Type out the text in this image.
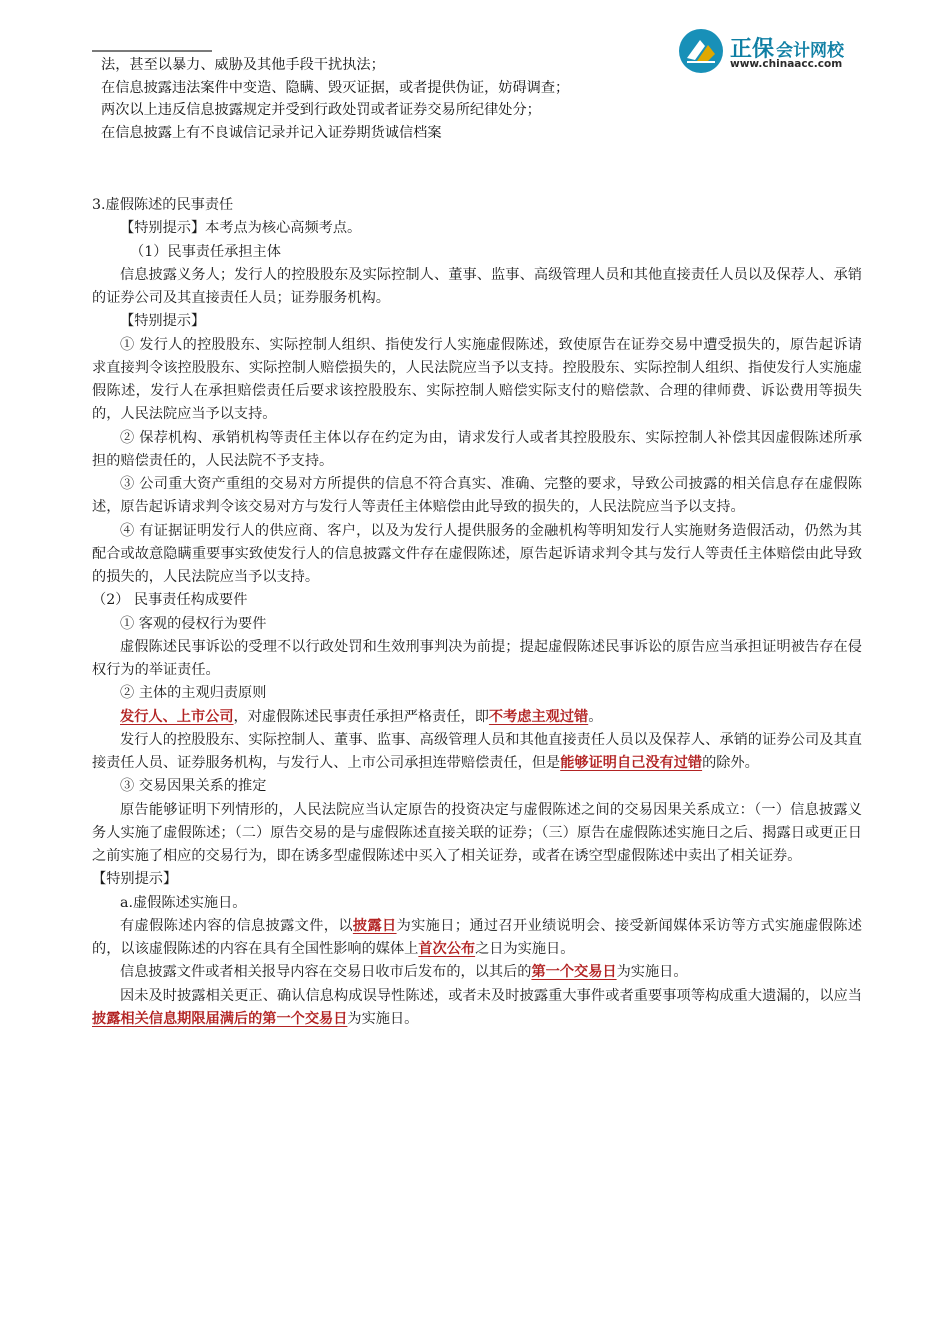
正保 会计网校
www.chinaacc.com
法，甚至以暴力、威胁及其他手段干扰执法；
在信息披露违法案件中变造、隐瞒、毁灭证据，或者提供伪证，妨碍调查；
两次以上违反信息披露规定并受到行政处罚或者证券交易所纪律处分；
在信息披露上有不良诚信记录并记入证券期货诚信档案

3.虚假陈述的民事责任

【特别提示】本考点为核心高频考点。

（1）民事责任承担主体

信息披露义务人；发行人的控股股东及实际控制人、董事、监事、高级管理人员和其他直接责任人员以及保荐人、承销的证券公司及其直接责任人员；证券服务机构。

【特别提示】

① 发行人的控股股东、实际控制人组织、指使发行人实施虚假陈述，致使原告在证券交易中遭受损失的，原告起诉请求直接判令该控股股东、实际控制人赔偿损失的，人民法院应当予以支持。控股股东、实际控制人组织、指使发行人实施虚假陈述，发行人在承担赔偿责任后要求该控股股东、实际控制人赔偿实际支付的赔偿款、合理的律师费、诉讼费用等损失的，人民法院应当予以支持。

② 保荐机构、承销机构等责任主体以存在约定为由，请求发行人或者其控股股东、实际控制人补偿其因虚假陈述所承担的赔偿责任的，人民法院不予支持。

③ 公司重大资产重组的交易对方所提供的信息不符合真实、准确、完整的要求，导致公司披露的相关信息存在虚假陈述，原告起诉请求判令该交易对方与发行人等责任主体赔偿由此导致的损失的，人民法院应当予以支持。

④ 有证据证明发行人的供应商、客户，以及为发行人提供服务的金融机构等明知发行人实施财务造假活动，仍然为其配合或故意隐瞒重要事实致使发行人的信息披露文件存在虚假陈述，原告起诉请求判令其与发行人等责任主体赔偿由此导致的损失的，人民法院应当予以支持。

（2） 民事责任构成要件

① 客观的侵权行为要件

虚假陈述民事诉讼的受理不以行政处罚和生效刑事判决为前提；提起虚假陈述民事诉讼的原告应当承担证明被告存在侵权行为的举证责任。

② 主体的主观归责原则

发行人、上市公司，对虚假陈述民事责任承担严格责任，即不考虑主观过错。

发行人的控股股东、实际控制人、董事、监事、高级管理人员和其他直接责任人员以及保荐人、承销的证券公司及其直接责任人员、证券服务机构，与发行人、上市公司承担连带赔偿责任，但是能够证明自己没有过错的除外。

③ 交易因果关系的推定

原告能够证明下列情形的，人民法院应当认定原告的投资决定与虚假陈述之间的交易因果关系成立：（一）信息披露义务人实施了虚假陈述；（二）原告交易的是与虚假陈述直接关联的证券；（三）原告在虚假陈述实施日之后、揭露日或更正日之前实施了相应的交易行为，即在诱多型虚假陈述中买入了相关证券，或者在诱空型虚假陈述中卖出了相关证券。

【特别提示】

a.虚假陈述实施日。

有虚假陈述内容的信息披露文件，以披露日为实施日；通过召开业绩说明会、接受新闻媒体采访等方式实施虚假陈述的，以该虚假陈述的内容在具有全国性影响的媒体上首次公布之日为实施日。

信息披露文件或者相关报导内容在交易日收市后发布的，以其后的第一个交易日为实施日。

因未及时披露相关更正、确认信息构成误导性陈述，或者未及时披露重大事件或者重要事项等构成重大遗漏的，以应当披露相关信息期限届满后的第一个交易日为实施日。
